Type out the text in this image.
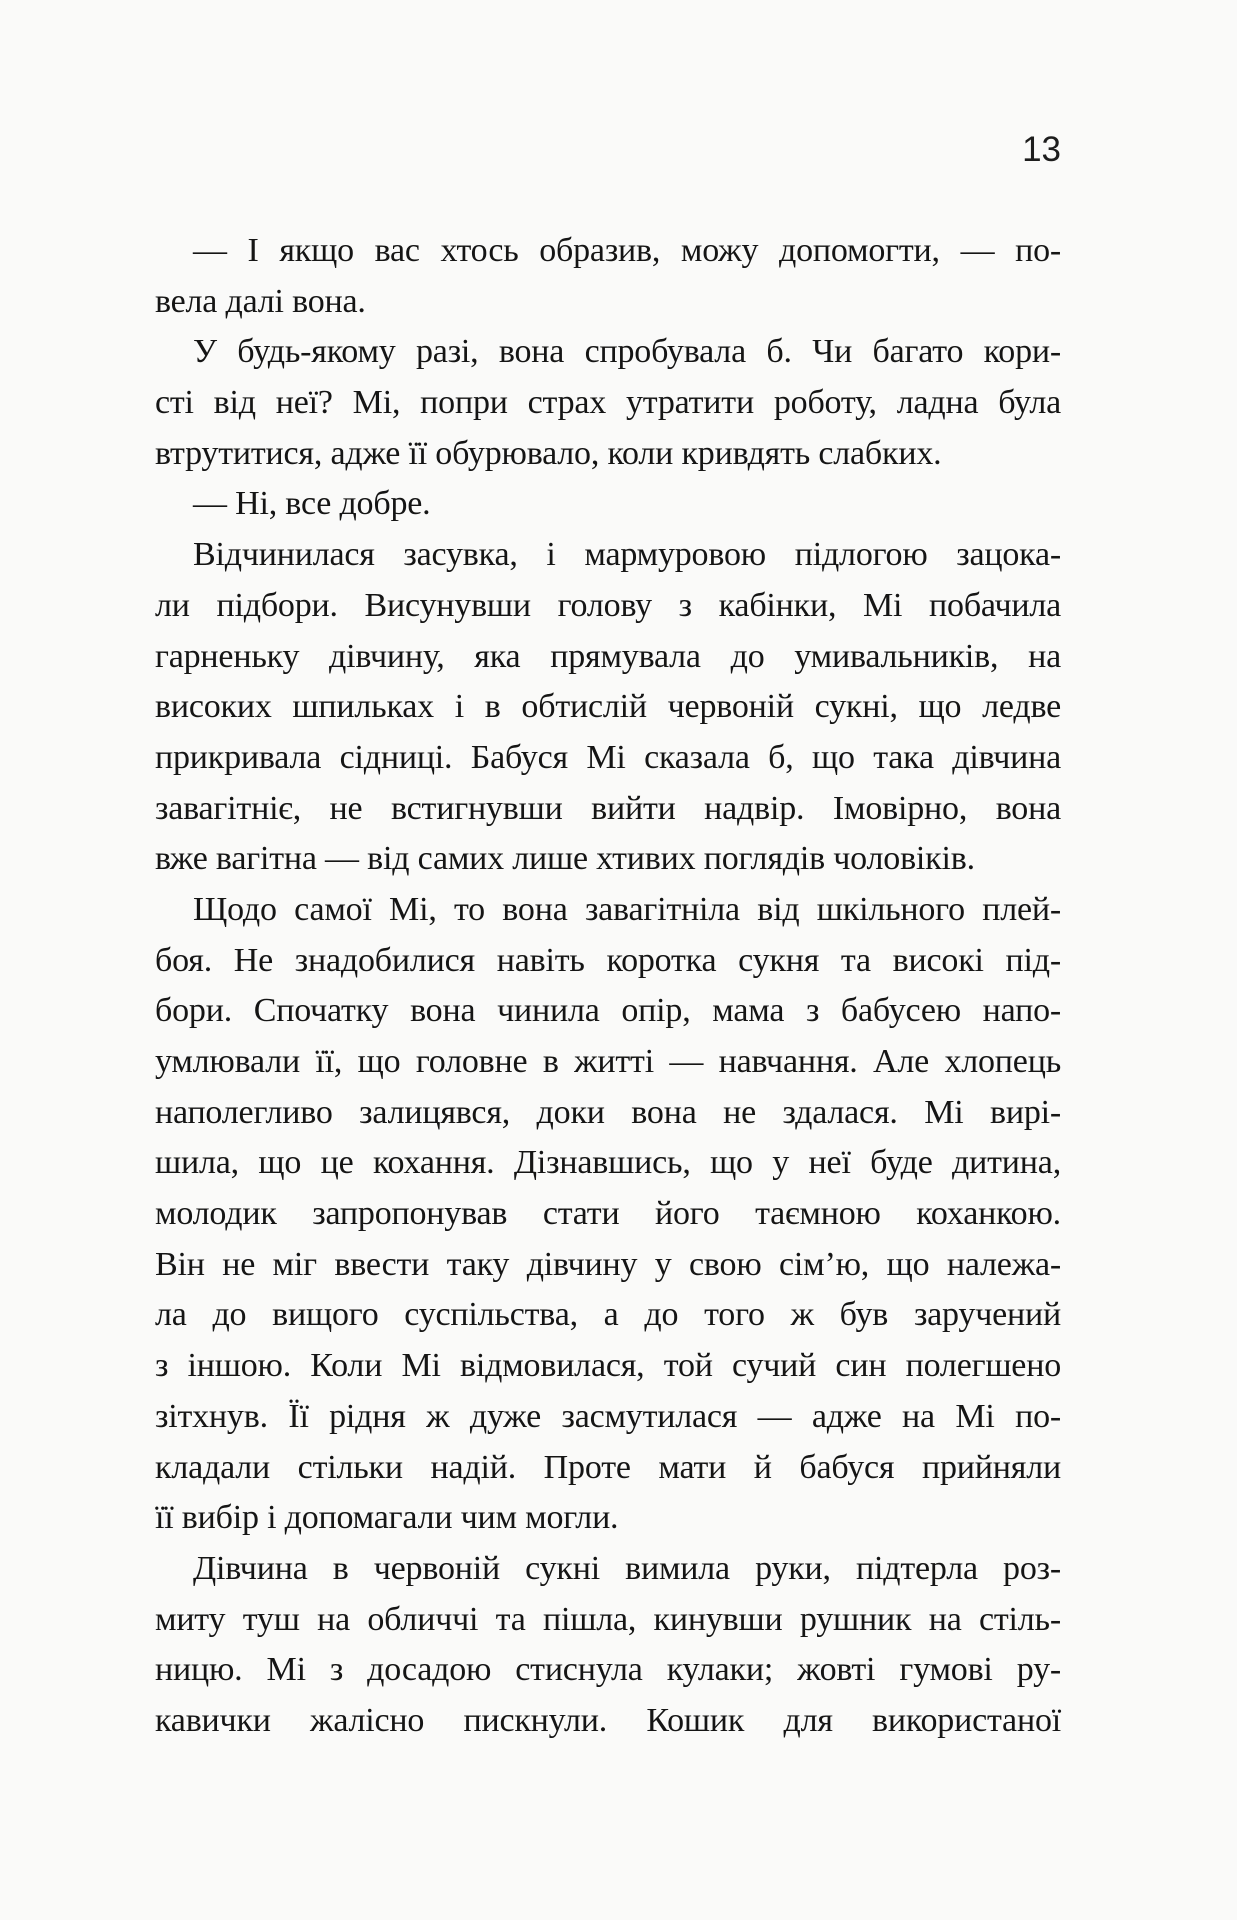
13
— І якщо вас хтось образив, можу допомогти, — по-
вела далі вона.
У будь-якому разі, вона спробувала б. Чи багато кори-
сті від неї? Мі, попри страх утратити роботу, ладна була
втрутитися, адже її обурювало, коли кривдять слабких.
— Ні, все добре.
Відчинилася засувка, і мармуровою підлогою зацока-
ли підбори. Висунувши голову з кабінки, Мі побачила
гарненьку дівчину, яка прямувала до умивальників, на
високих шпильках і в обтислій червоній сукні, що ледве
прикривала сідниці. Бабуся Мі сказала б, що така дівчина
завагітніє, не встигнувши вийти надвір. Імовірно, вона
вже вагітна — від самих лише хтивих поглядів чоловіків.
Щодо самої Мі, то вона завагітніла від шкільного плей-
боя. Не знадобилися навіть коротка сукня та високі під-
бори. Спочатку вона чинила опір, мама з бабусею напо-
умлювали її, що головне в житті — навчання. Але хлопець
наполегливо залицявся, доки вона не здалася. Мі вирі-
шила, що це кохання. Дізнавшись, що у неї буде дитина,
молодик запропонував стати його таємною коханкою.
Він не міг ввести таку дівчину у свою сім’ю, що належа-
ла до вищого суспільства, а до того ж був заручений
з іншою. Коли Мі відмовилася, той сучий син полегшено
зітхнув. Її рідня ж дуже засмутилася — адже на Мі по-
кладали стільки надій. Проте мати й бабуся прийняли
її вибір і допомагали чим могли.
Дівчина в червоній сукні вимила руки, підтерла роз-
миту туш на обличчі та пішла, кинувши рушник на стіль-
ницю. Мі з досадою стиснула кулаки; жовті гумові ру-
кавички жалісно пискнули. Кошик для використаної
